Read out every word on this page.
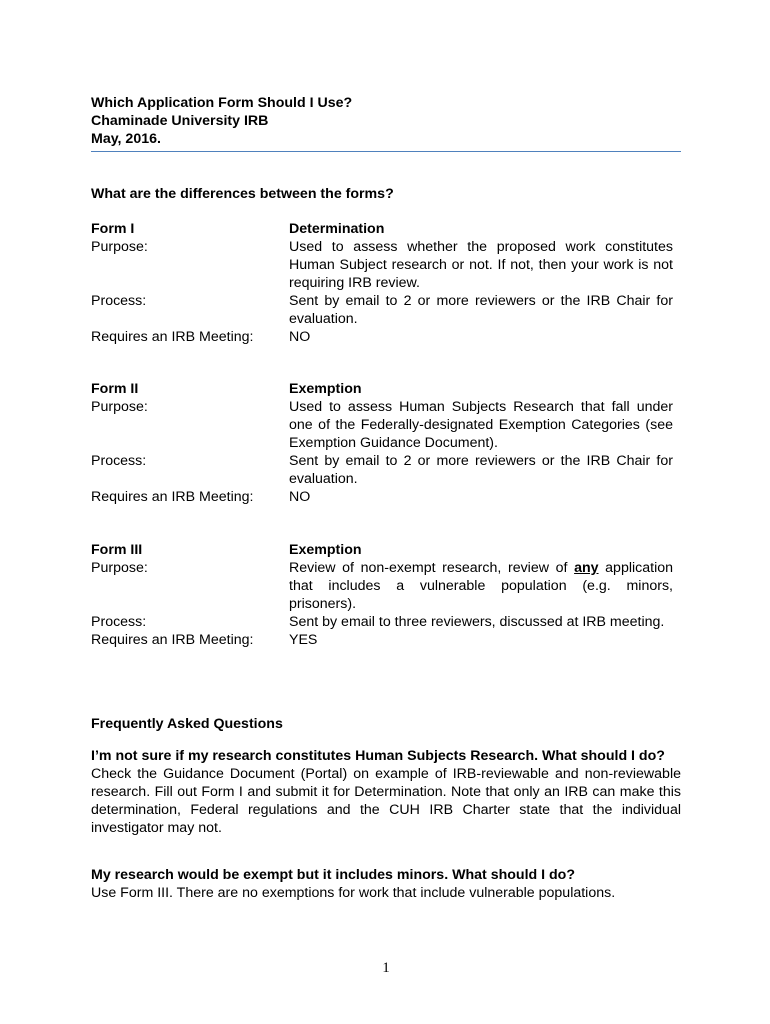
Which Application Form Should I Use?
Chaminade University IRB
May, 2016.
What are the differences between the forms?
Form I	Determination
Purpose:	Used to assess whether the proposed work constitutes Human Subject research or not. If not, then your work is not requiring IRB review.
Process:	Sent by email to 2 or more reviewers or the IRB Chair for evaluation.
Requires an IRB Meeting:	NO
Form II	Exemption
Purpose:	Used to assess Human Subjects Research that fall under one of the Federally-designated Exemption Categories (see Exemption Guidance Document).
Process:	Sent by email to 2 or more reviewers or the IRB Chair for evaluation.
Requires an IRB Meeting:	NO
Form III	Exemption
Purpose:	Review of non-exempt research, review of any application that includes a vulnerable population (e.g. minors, prisoners).
Process:	Sent by email to three reviewers, discussed at IRB meeting.
Requires an IRB Meeting:	YES
Frequently Asked Questions
I’m not sure if my research constitutes Human Subjects Research. What should I do?
Check the Guidance Document (Portal) on example of IRB-reviewable and non-reviewable research. Fill out Form I and submit it for Determination. Note that only an IRB can make this determination, Federal regulations and the CUH IRB Charter state that the individual investigator may not.
My research would be exempt but it includes minors. What should I do?
Use Form III. There are no exemptions for work that include vulnerable populations.
1
